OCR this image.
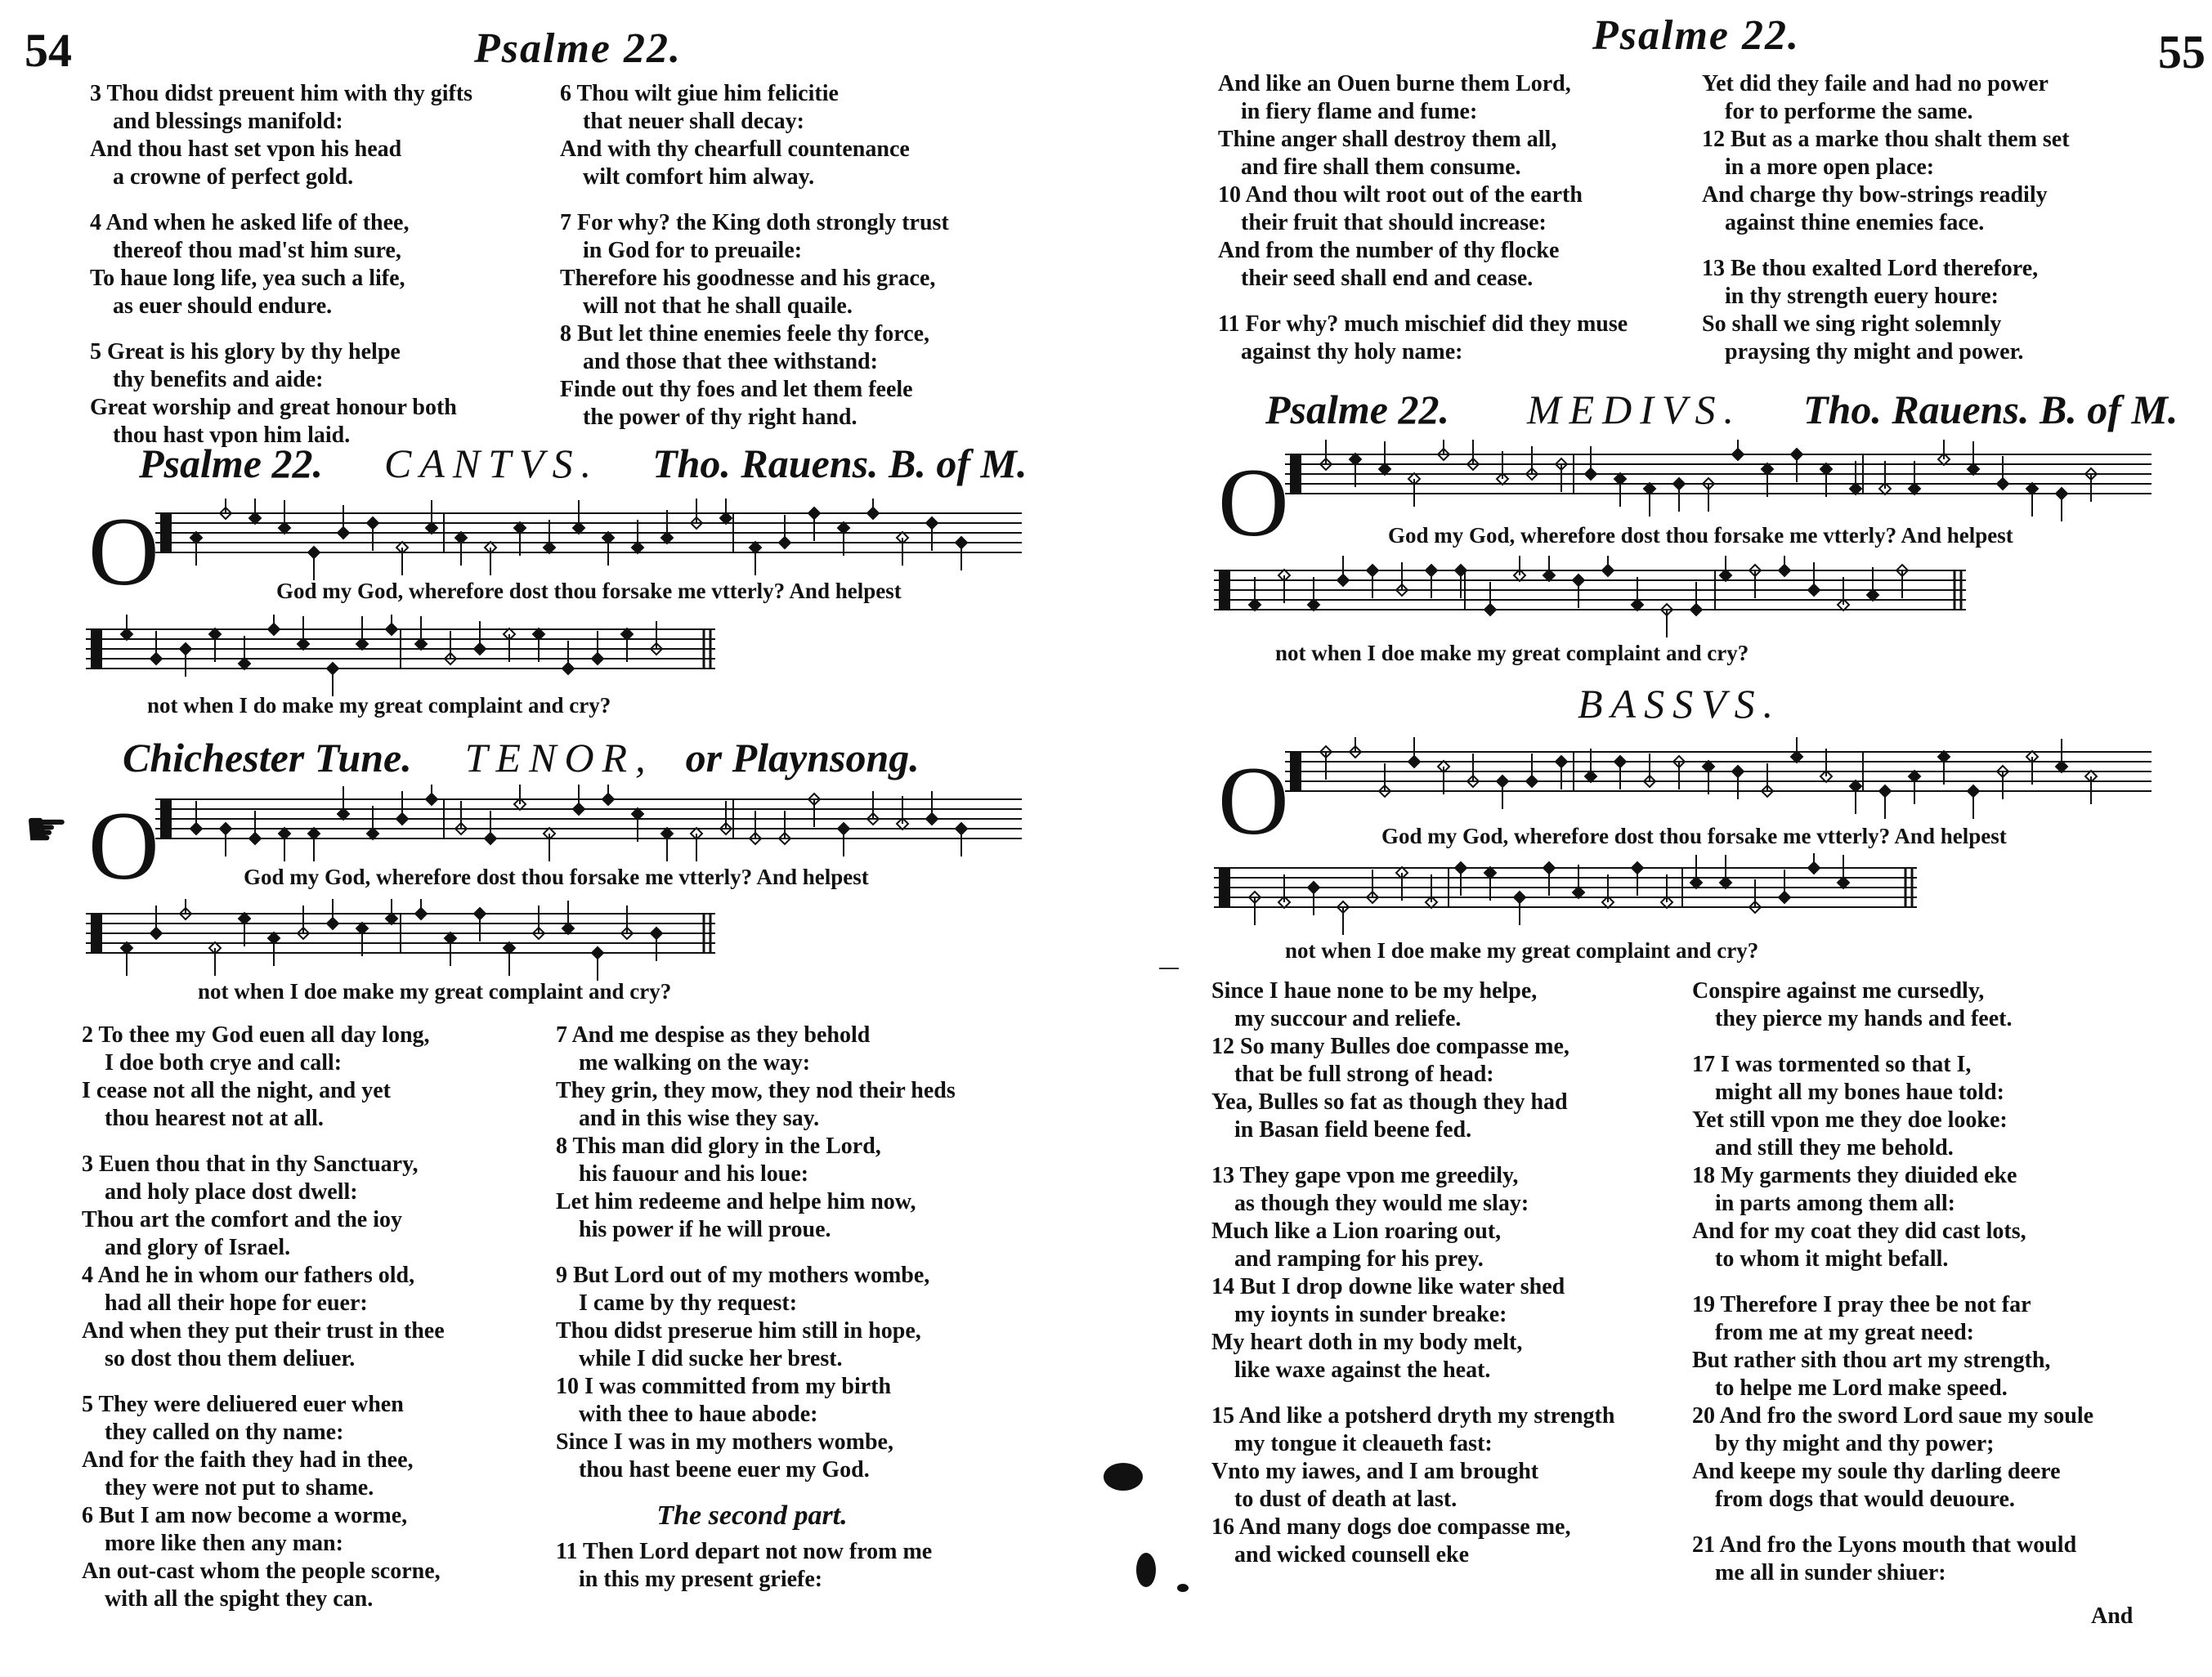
54	Psalme 22.
3 Thou didst preuent him with thy gifts
and blessings manifold:
And thou hast set vpon his head
a crowne of perfect gold.
4 And when he asked life of thee,
thereof thou mad'st him sure,
To haue long life, yea such a life,
as euer should endure.
5 Great is his glory by thy helpe
thy benefits and aide:
Great worship and great honour both
thou hast vpon him laid.
6 Thou wilt giue him felicitie
that neuer shall decay:
And with thy chearfull countenance
wilt comfort him alway.
7 For why? the King doth strongly trust
in God for to preuaile:
Therefore his goodnesse and his grace,
will not that he shall quaile.
8 But let thine enemies feele thy force,
and those that thee withstand:
Finde out thy foes and let them feele
the power of thy right hand.
Psalme 22. CANTVS. Tho. Rauens. B. of M.
O	God my God, wherefore dost thou forsake me vtterly? And helpest
not when I do make my great complaint and cry?
Chichester Tune. TENOR, or Playnsong.
☛ O	God my God, wherefore dost thou forsake me vtterly? And helpest
not when I doe make my great complaint and cry?
2 To thee my God euen all day long,
I doe both crye and call:
I cease not all the night, and yet
thou hearest not at all.
3 Euen thou that in thy Sanctuary,
and holy place dost dwell:
Thou art the comfort and the ioy
and glory of Israel.
4 And he in whom our fathers old,
had all their hope for euer:
And when they put their trust in thee
so dost thou them deliuer.
5 They were deliuered euer when
they called on thy name:
And for the faith they had in thee,
they were not put to shame.
6 But I am now become a worme,
more like then any man:
An out-cast whom the people scorne,
with all the spight they can.
7 And me despise as they behold
me walking on the way:
They grin, they mow, they nod their heds
and in this wise they say.
8 This man did glory in the Lord,
his fauour and his loue:
Let him redeeme and helpe him now,
his power if he will proue.
9 But Lord out of my mothers wombe,
I came by thy request:
Thou didst preserue him still in hope,
while I did sucke her brest.
10 I was committed from my birth
with thee to haue abode:
Since I was in my mothers wombe,
thou hast beene euer my God.
The second part.
11 Then Lord depart not now from me
in this my present griefe:
Psalme 22.	55
And like an Ouen burne them Lord,
in fiery flame and fume:
Thine anger shall destroy them all,
and fire shall them consume.
10 And thou wilt root out of the earth
their fruit that should increase:
And from the number of thy flocke
their seed shall end and cease.
11 For why? much mischief did they muse
against thy holy name:
Yet did they faile and had no power
for to performe the same.
12 But as a marke thou shalt them set
in a more open place:
And charge thy bow-strings readily
against thine enemies face.
13 Be thou exalted Lord therefore,
in thy strength euery houre:
So shall we sing right solemnly
praysing thy might and power.
Psalme 22. MEDIVS. Tho. Rauens. B. of M.
O	God my God, wherefore dost thou forsake me vtterly? And helpest
not when I doe make my great complaint and cry?
BASSVS.
O	God my God, wherefore dost thou forsake me vtterly? And helpest
not when I doe make my great complaint and cry?
Since I haue none to be my helpe,
my succour and reliefe.
12 So many Bulles doe compasse me,
that be full strong of head:
Yea, Bulles so fat as though they had
in Basan field beene fed.
13 They gape vpon me greedily,
as though they would me slay:
Much like a Lion roaring out,
and ramping for his prey.
14 But I drop downe like water shed
my ioynts in sunder breake:
My heart doth in my body melt,
like waxe against the heat.
15 And like a potsherd dryth my strength
my tongue it cleaueth fast:
Vnto my iawes, and I am brought
to dust of death at last.
16 And many dogs doe compasse me,
and wicked counsell eke
Conspire against me cursedly,
they pierce my hands and feet.
17 I was tormented so that I,
might all my bones haue told:
Yet still vpon me they doe looke:
and still they me behold.
18 My garments they diuided eke
in parts among them all:
And for my coat they did cast lots,
to whom it might befall.
19 Therefore I pray thee be not far
from me at my great need:
But rather sith thou art my strength,
to helpe me Lord make speed.
20 And fro the sword Lord saue my soule
by thy might and thy power;
And keepe my soule thy darling deere
from dogs that would deuoure.
21 And fro the Lyons mouth that would
me all in sunder shiuer:
And
